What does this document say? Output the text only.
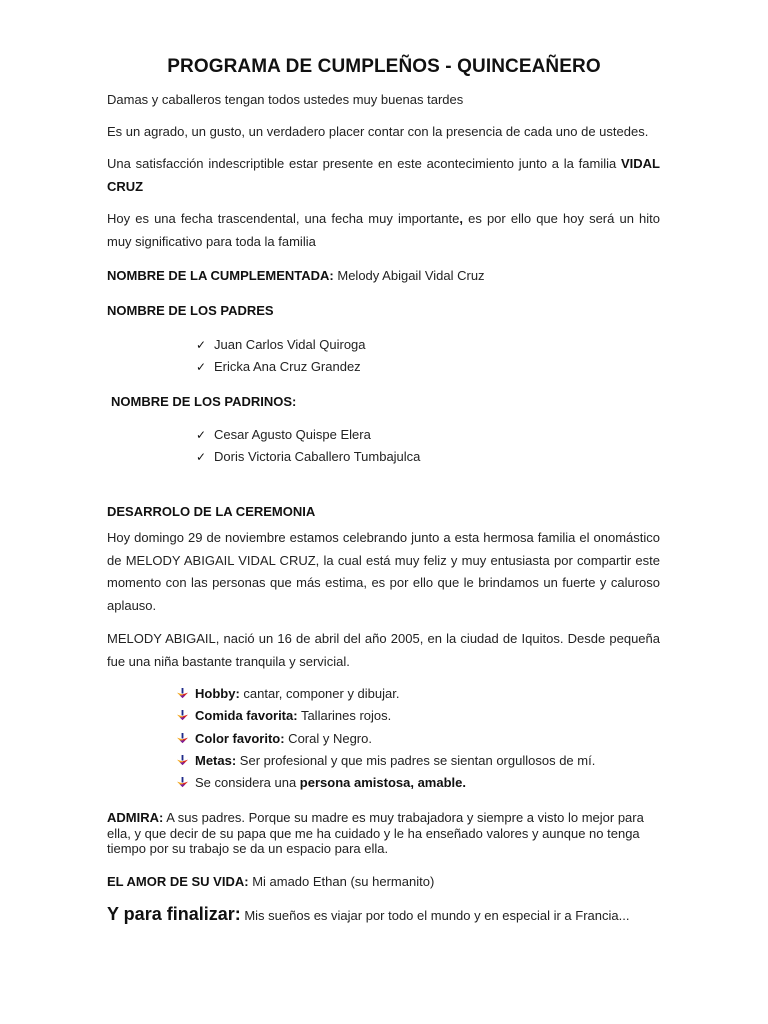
PROGRAMA DE CUMPLEÑOS - QUINCEAÑERO
Damas y caballeros tengan todos ustedes muy buenas tardes
Es un agrado, un gusto, un verdadero placer contar con la presencia de cada uno de ustedes.
Una satisfacción indescriptible estar presente en este acontecimiento junto a la familia VIDAL CRUZ
Hoy es una fecha trascendental, una fecha muy importante, es por ello que hoy será un hito muy significativo para toda la familia
NOMBRE DE LA CUMPLEMENTADA: Melody Abigail Vidal Cruz
NOMBRE DE LOS PADRES
✓ Juan Carlos Vidal Quiroga
✓ Ericka Ana Cruz Grandez
NOMBRE DE LOS PADRINOS:
✓ Cesar Agusto Quispe Elera
✓ Doris Victoria Caballero Tumbajulca
DESARROLO DE LA CEREMONIA
Hoy domingo 29 de noviembre estamos celebrando junto a esta hermosa familia el onomástico de MELODY ABIGAIL VIDAL CRUZ, la cual está muy feliz y muy entusiasta por compartir este momento con las personas que más estima, es por ello que le brindamos un fuerte y caluroso aplauso.
MELODY ABIGAIL, nació un 16 de abril del año 2005, en la ciudad de Iquitos. Desde pequeña fue una niña bastante tranquila y servicial.
Hobby: cantar, componer y dibujar.
Comida favorita: Tallarines rojos.
Color favorito: Coral y Negro.
Metas: Ser profesional y que mis padres se sientan orgullosos de mí.
Se considera una persona amistosa, amable.
ADMIRA: A sus padres. Porque su madre es muy trabajadora y siempre a visto lo mejor para ella, y que decir de su papa que me ha cuidado y le ha enseñado valores y aunque no tenga tiempo por su trabajo se da un espacio para ella.
EL AMOR DE SU VIDA: Mi amado Ethan (su hermanito)
Y para finalizar: Mis sueños es viajar por todo el mundo y en especial ir a Francia...
